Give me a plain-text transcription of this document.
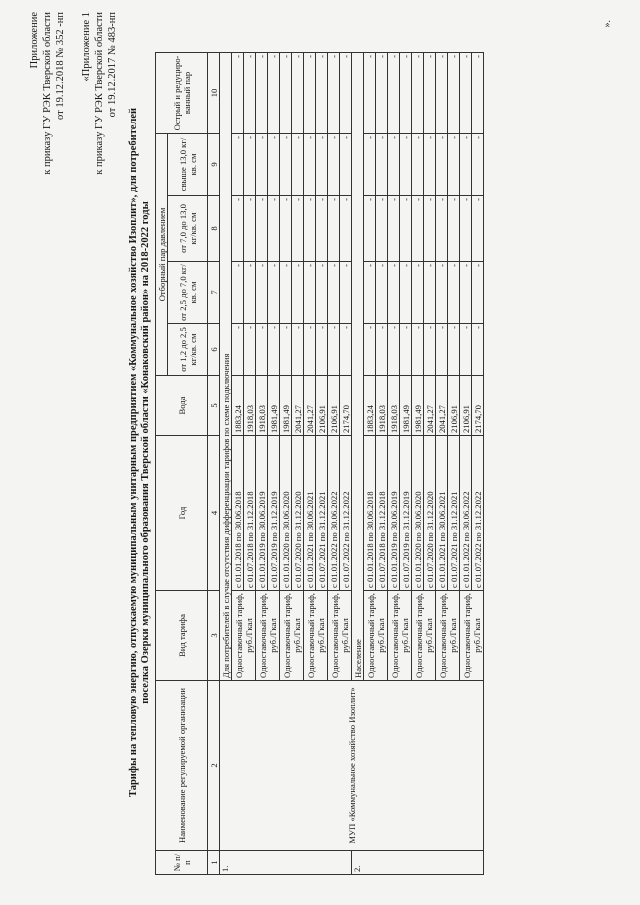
Приложение к приказу ГУ РЭК Тверской области от 19.12.2018 № 352 -нп «Приложение 1 к приказу ГУ РЭК Тверской области от 19.12.2017 № 483-нп
Тарифы на тепловую энергию, отпускаемую муниципальным унитарным предприятием «Коммунальное хозяйство Изоплит», для потребителей поселка Озерки муниципального образования Тверской области «Конаковский район» на 2018-2022 годы
№ п/ п	Наименование регулируемой организации	Вид тарифа	Год	Вода	Отборный пар давлением				Острый и редуциро-ванный пар
					от 1,2 до 2,5 кг/кв. см	от 2,5 до 7,0 кг/кв. см	от 7,0 до 13,0 кг/кв. см	свыше 13,0 кг/кв. см	
1	2	3	4	5	6	7	8	9	10
1.	МУП «Коммунальное хозяйство Изоплит»	Для потребителей в случае отсутствия дифференциации тарифов по схеме подключения							
		Одноставочный тариф, руб./Гкал	с 01.01.2018 по 30.06.2018	1883,24	-	-	-	-	-

			с 01.07.2018 по 31.12.2018	1918,03	-	-	-	-	-

		Одноставочный тариф, руб./Гкал	с 01.01.2019 по 30.06.2019	1918,03	-	-	-	-	-

			с 01.07.2019 по 31.12.2019	1981,49	-	-	-	-	-

		Одноставочный тариф, руб./Гкал	с 01.01.2020 по 30.06.2020	1981,49	-	-	-	-	-

			с 01.07.2020 по 31.12.2020	2041,27	-	-	-	-	-

		Одноставочный тариф, руб./Гкал	с 01.01.2021 по 30.06.2021	2041,27	-	-	-	-	-

			с 01.07.2021 по 31.12.2021	2106,91	-	-	-	-	-

		Одноставочный тариф, руб./Гкал	с 01.01.2022 по 30.06.2022	2106,91	-	-	-	-	-

			с 01.07.2022 по 31.12.2022	2174,70	-	-	-	-	-

2.		Население							
		Одноставочный тариф, руб./Гкал	с 01.01.2018 по 30.06.2018	1883,24	-	-	-	-	-

			с 01.07.2018 по 31.12.2018	1918,03	-	-	-	-	-

		Одноставочный тариф, руб./Гкал	с 01.01.2019 по 30.06.2019	1918,03	-	-	-	-	-

			с 01.07.2019 по 31.12.2019	1981,49	-	-	-	-	-

		Одноставочный тариф, руб./Гкал	с 01.01.2020 по 30.06.2020	1981,49	-	-	-	-	-

			с 01.07.2020 по 31.12.2020	2041,27	-	-	-	-	-

		Одноставочный тариф, руб./Гкал	с 01.01.2021 по 30.06.2021	2041,27	-	-	-	-	-

			с 01.07.2021 по 31.12.2021	2106,91	-	-	-	-	-

		Одноставочный тариф, руб./Гкал	с 01.01.2022 по 30.06.2022	2106,91	-	-	-	-	-

			с 01.07.2022 по 31.12.2022	2174,70	-	-	-	-	-

».
